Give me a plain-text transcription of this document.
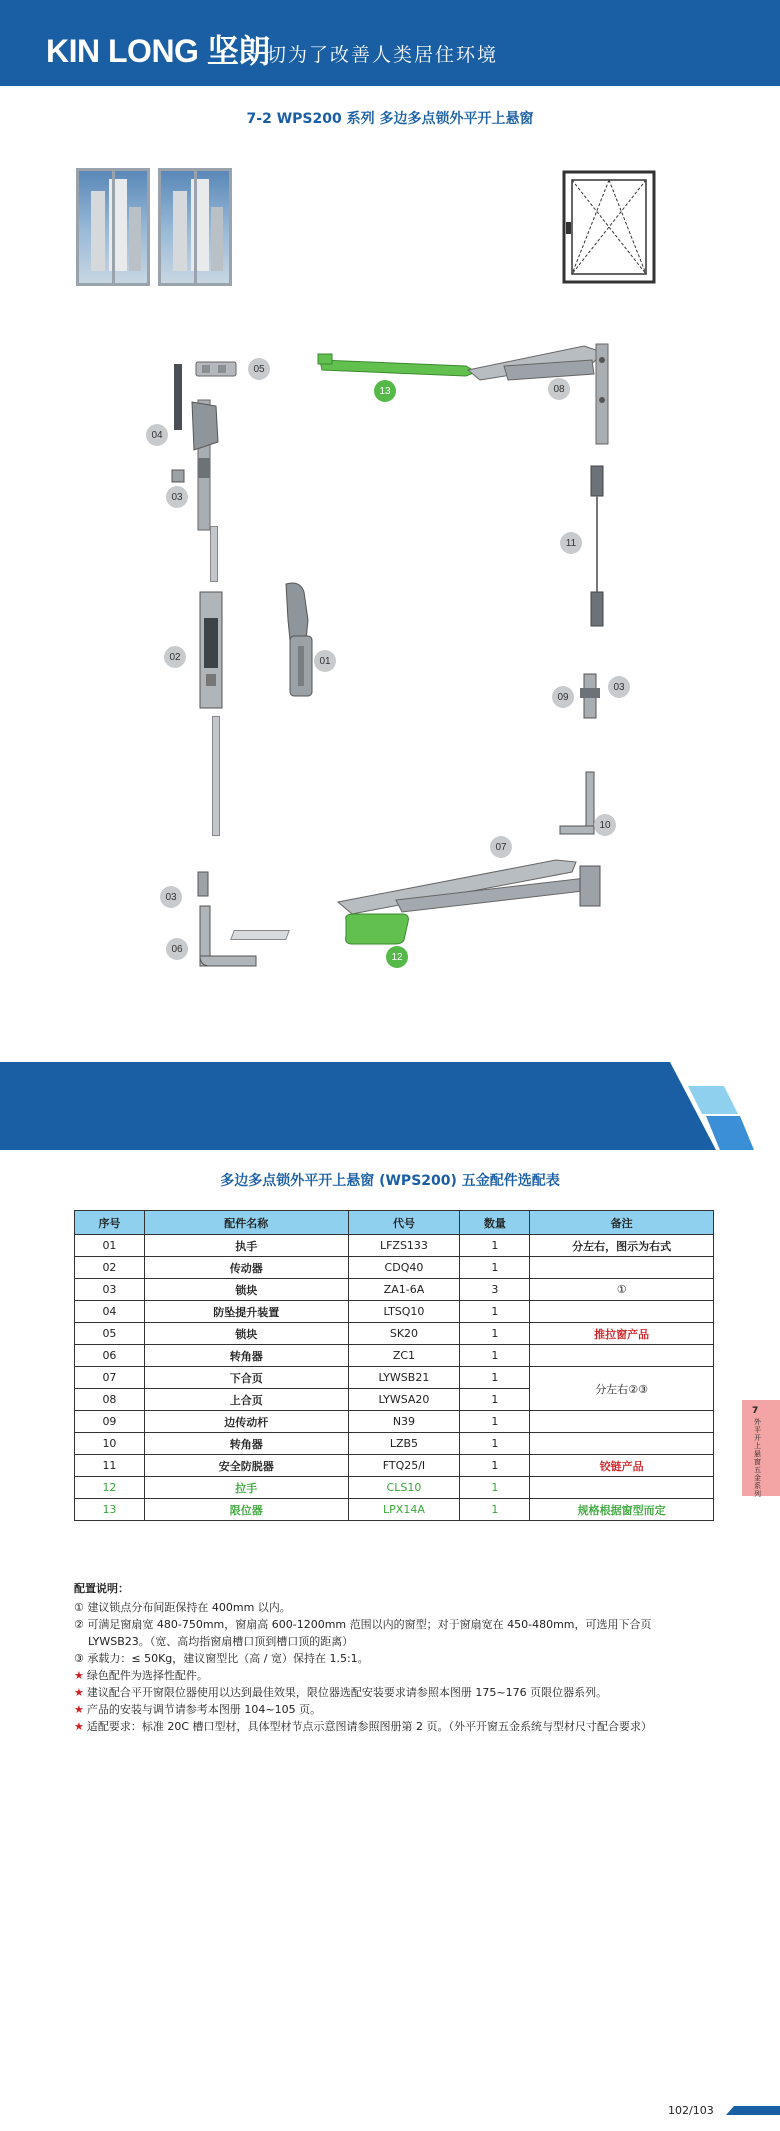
KIN LONG 坚朗
一切为了改善人类居住环境
7-2 WPS200 系列 多边多点锁外平开上悬窗
13
05
08
04
03
02	01
03
06
11
09
03
10
07
12
多边多点锁外平开上悬窗 (WPS200) 五金配件选配表
序号	配件名称	代号	数量	备注
01	执手	LFZS133	1	分左右，图示为右式
02	传动器	CDQ40	1	
03	锁块	ZA1-6A	3	①
04	防坠提升装置	LTSQ10	1	
05	锁块	SK20	1	推拉窗产品
06	转角器	ZC1	1	
07	下合页	LYWSB21	1	分左右②③
08	上合页	LYWSA20	1	
09	边传动杆	N39	1	
10	转角器	LZB5	1	
11	安全防脱器	FTQ25/I	1	铰链产品
12	拉手	CLS10	1	
13	限位器	LPX14A	1	规格根据窗型而定
7
外平开上悬窗五金系列
配置说明：
① 建议锁点分布间距保持在 400mm 以内。
② 可满足窗扇宽 480-750mm，窗扇高 600-1200mm 范围以内的窗型；对于窗扇宽在 450-480mm，可选用下合页
LYWSB23。（宽、高均指窗扇槽口顶到槽口顶的距离）
③ 承载力：≤ 50Kg，建议窗型比（高 / 宽）保持在 1.5:1。
★ 绿色配件为选择性配件。
★ 建议配合平开窗限位器使用以达到最佳效果，限位器选配安装要求请参照本图册 175~176 页限位器系列。
★ 产品的安装与调节请参考本图册 104~105 页。
★ 适配要求：标准 20C 槽口型材，具体型材节点示意图请参照图册第 2 页。（外平开窗五金系统与型材尺寸配合要求）
102/103
